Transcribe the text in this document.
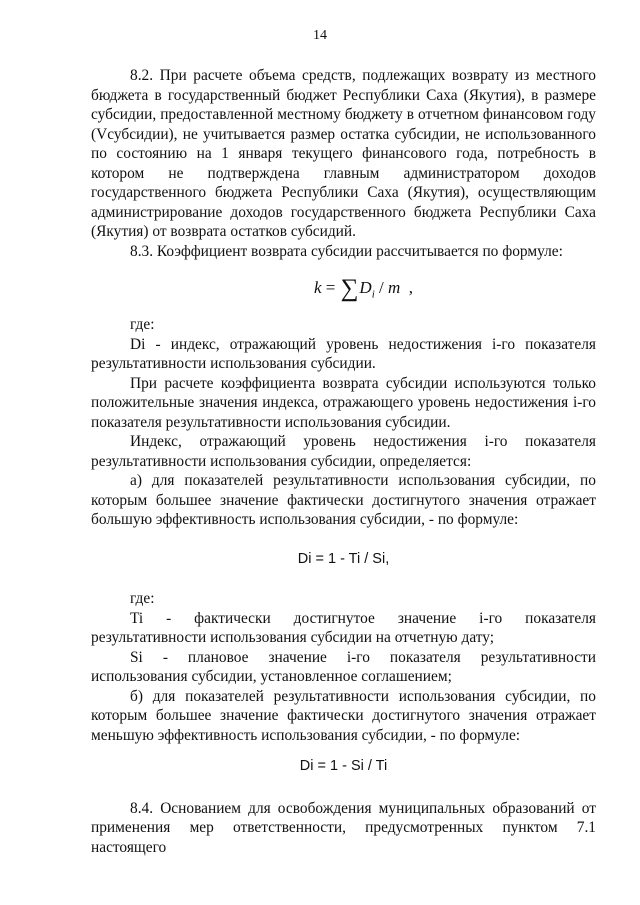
14

8.2. При расчете объема средств, подлежащих возврату из местного бюджета в государственный бюджет Республики Саха (Якутия), в размере субсидии, предоставленной местному бюджету в отчетном финансовом году (Vсубсидии), не учитывается размер остатка субсидии, не использованного по состоянию на 1 января текущего финансового года, потребность в котором не подтверждена главным администратором доходов государственного бюджета Республики Саха (Якутия), осуществляющим администрирование доходов государственного бюджета Республики Саха (Якутия) от возврата остатков субсидий.

8.3. Коэффициент возврата субсидии рассчитывается по формуле:

$k = \sum D_i / m$ ,

где:

Di - индекс, отражающий уровень недостижения i-го показателя результативности использования субсидии.

При расчете коэффициента возврата субсидии используются только положительные значения индекса, отражающего уровень недостижения i-го показателя результативности использования субсидии.

Индекс, отражающий уровень недостижения i-го показателя результативности использования субсидии, определяется:

а) для показателей результативности использования субсидии, по которым большее значение фактически достигнутого значения отражает большую эффективность использования субсидии, - по формуле:

Di = 1 - Ti / Si,

где:

Ti - фактически достигнутое значение i-го показателя результативности использования субсидии на отчетную дату;

Si - плановое значение i-го показателя результативности использования субсидии, установленное соглашением;

б) для показателей результативности использования субсидии, по которым большее значение фактически достигнутого значения отражает меньшую эффективность использования субсидии, - по формуле:

Di = 1 - Si / Ti

8.4. Основанием для освобождения муниципальных образований от применения мер ответственности, предусмотренных пунктом 7.1 настоящего
